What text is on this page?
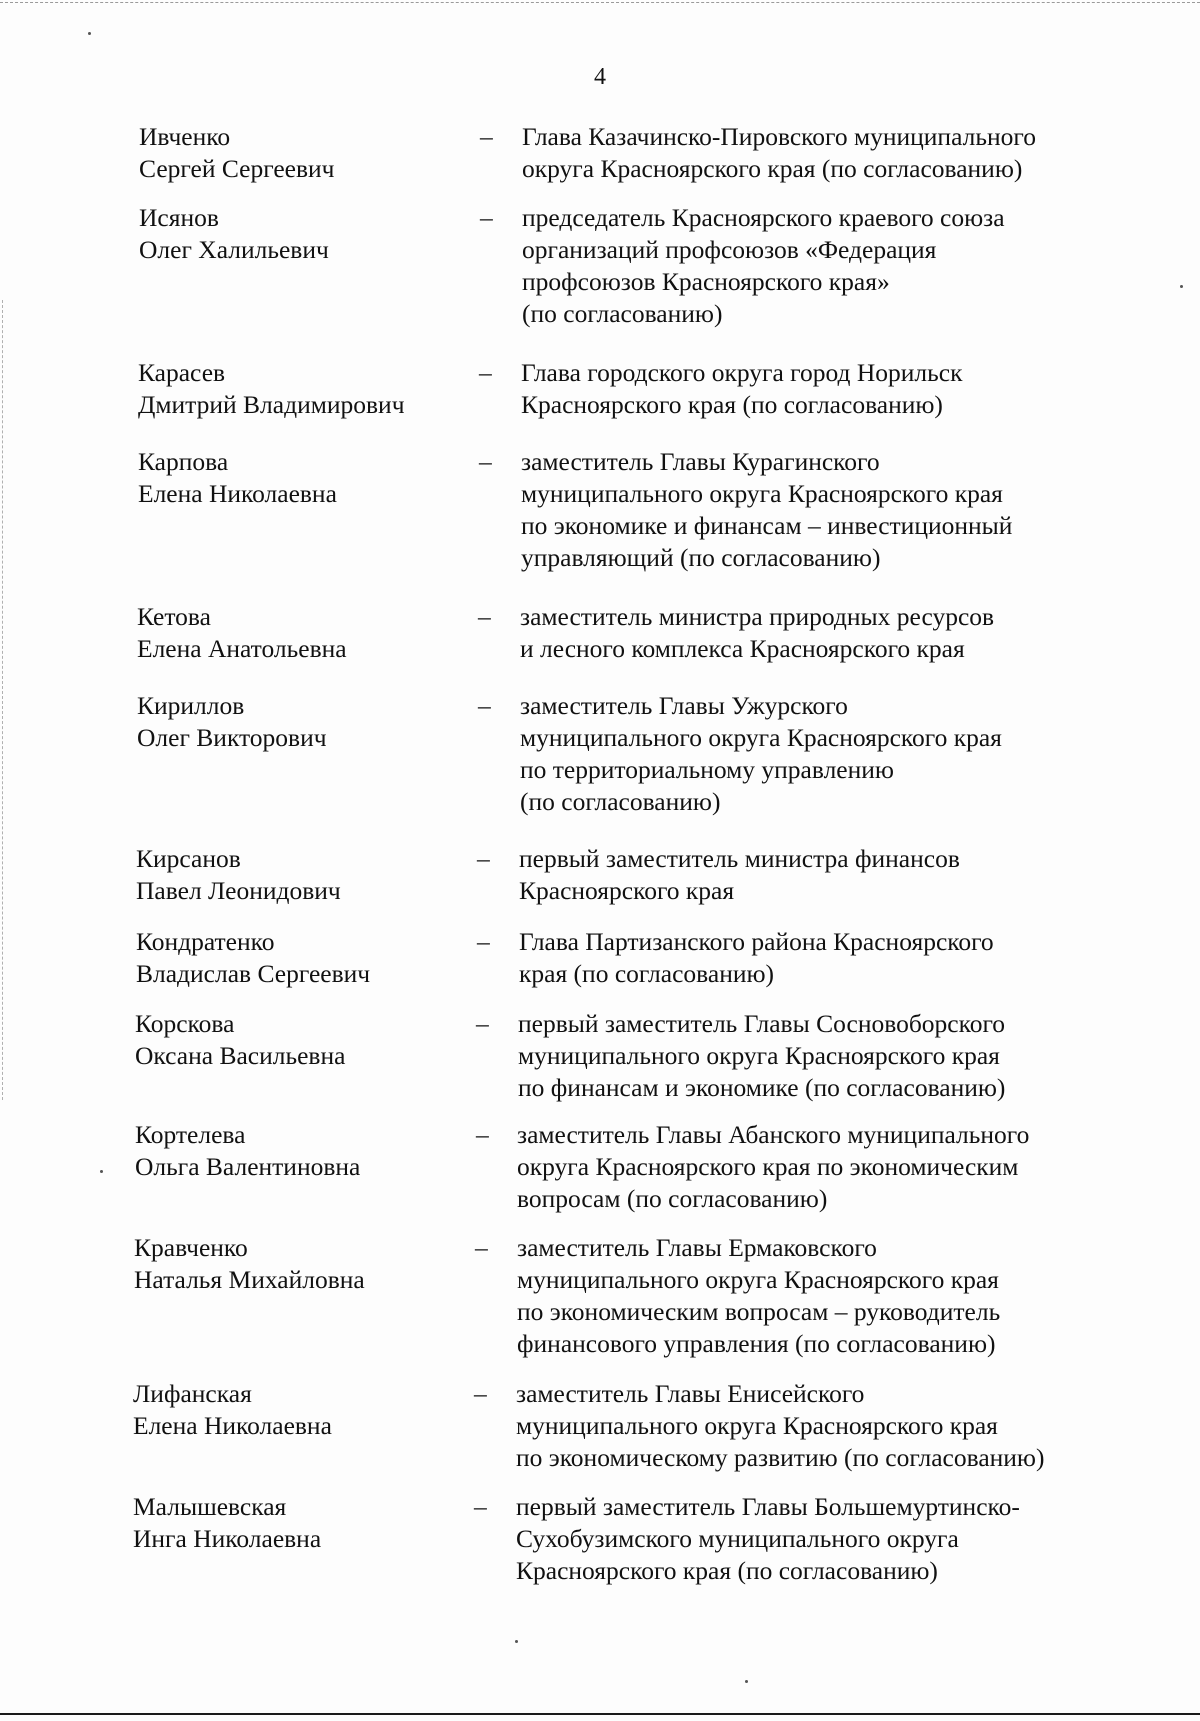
4
Ивченко
Сергей Сергеевич
– Глава Казачинско-Пировского муниципального
округа Красноярского края (по согласованию)
Исянов
Олег Халильевич
– председатель Красноярского краевого союза
организаций профсоюзов «Федерация
профсоюзов Красноярского края»
(по согласованию)
Карасев
Дмитрий Владимирович
– Глава городского округа город Норильск
Красноярского края (по согласованию)
Карпова
Елена Николаевна
– заместитель Главы Курагинского
муниципального округа Красноярского края
по экономике и финансам – инвестиционный
управляющий (по согласованию)
Кетова
Елена Анатольевна
– заместитель министра природных ресурсов
и лесного комплекса Красноярского края
Кириллов
Олег Викторович
– заместитель Главы Ужурского
муниципального округа Красноярского края
по территориальному управлению
(по согласованию)
Кирсанов
Павел Леонидович
– первый заместитель министра финансов
Красноярского края
Кондратенко
Владислав Сергеевич
– Глава Партизанского района Красноярского
края (по согласованию)
Корскова
Оксана Васильевна
– первый заместитель Главы Сосновоборского
муниципального округа Красноярского края
по финансам и экономике (по согласованию)
Кортелева
Ольга Валентиновна
– заместитель Главы Абанского муниципального
округа Красноярского края по экономическим
вопросам (по согласованию)
Кравченко
Наталья Михайловна
– заместитель Главы Ермаковского
муниципального округа Красноярского края
по экономическим вопросам – руководитель
финансового управления (по согласованию)
Лифанская
Елена Николаевна
– заместитель Главы Енисейского
муниципального округа Красноярского края
по экономическому развитию (по согласованию)
Малышевская
Инга Николаевна
– первый заместитель Главы Большемуртинско-
Сухобузимского муниципального округа
Красноярского края (по согласованию)
